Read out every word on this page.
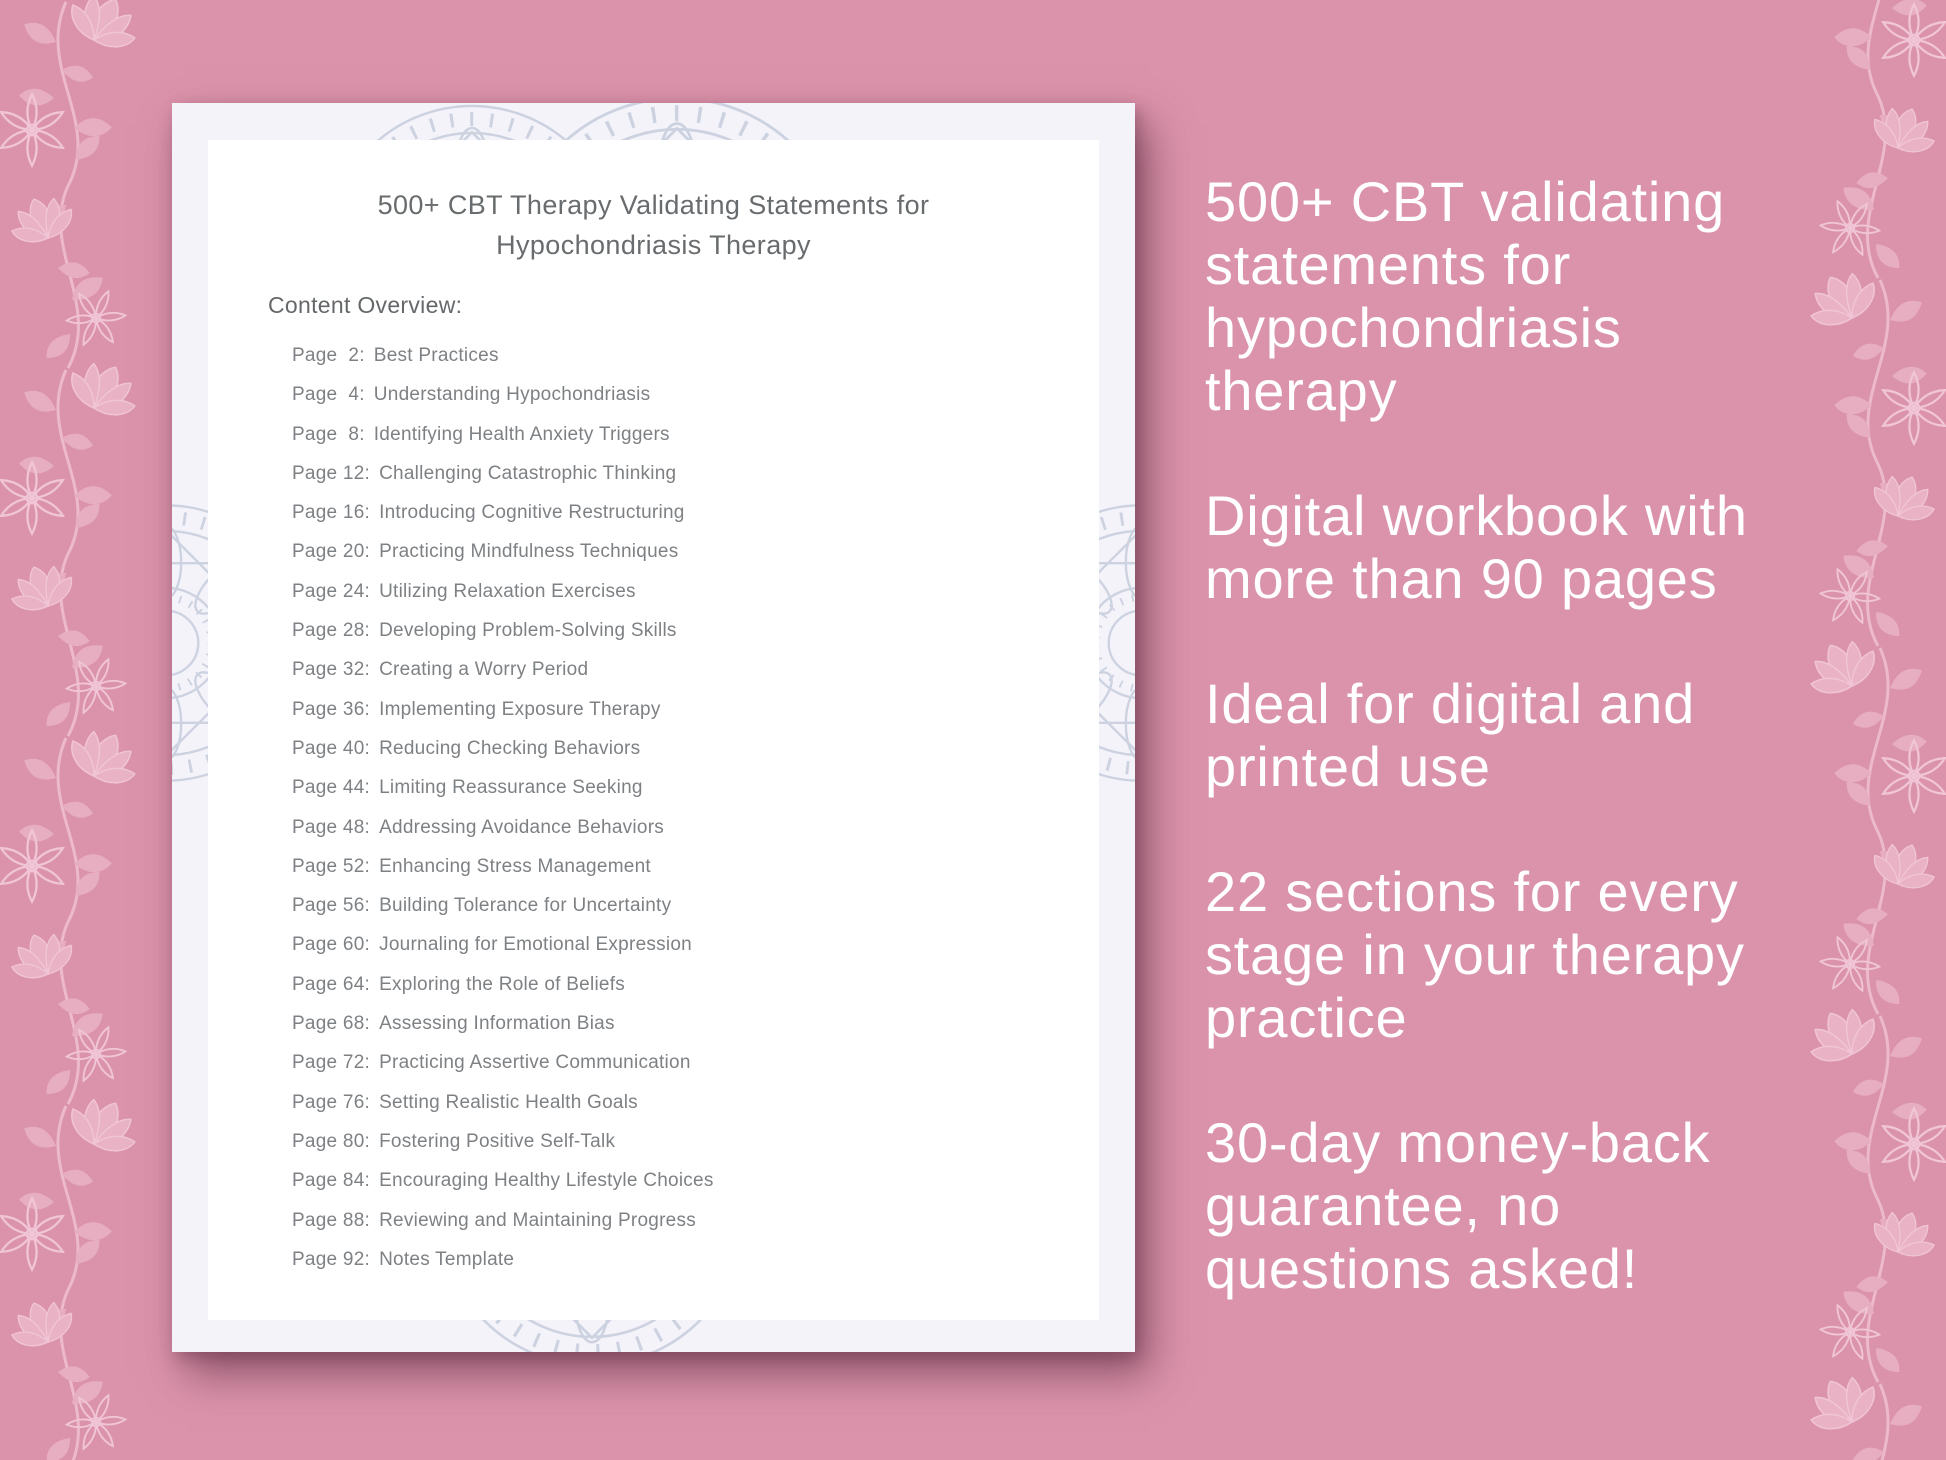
500+ CBT Therapy Validating Statements for
Hypochondriasis Therapy
Content Overview:
Page  2: Best Practices
Page  4: Understanding Hypochondriasis
Page  8: Identifying Health Anxiety Triggers
Page 12: Challenging Catastrophic Thinking
Page 16: Introducing Cognitive Restructuring
Page 20: Practicing Mindfulness Techniques
Page 24: Utilizing Relaxation Exercises
Page 28: Developing Problem-Solving Skills
Page 32: Creating a Worry Period
Page 36: Implementing Exposure Therapy
Page 40: Reducing Checking Behaviors
Page 44: Limiting Reassurance Seeking
Page 48: Addressing Avoidance Behaviors
Page 52: Enhancing Stress Management
Page 56: Building Tolerance for Uncertainty
Page 60: Journaling for Emotional Expression
Page 64: Exploring the Role of Beliefs
Page 68: Assessing Information Bias
Page 72: Practicing Assertive Communication
Page 76: Setting Realistic Health Goals
Page 80: Fostering Positive Self-Talk
Page 84: Encouraging Healthy Lifestyle Choices
Page 88: Reviewing and Maintaining Progress
Page 92: Notes Template
500+ CBT validating
statements for
hypochondriasis
therapy
Digital workbook with
more than 90 pages
Ideal for digital and
printed use
22 sections for every
stage in your therapy
practice
30-day money-back
guarantee, no
questions asked!
